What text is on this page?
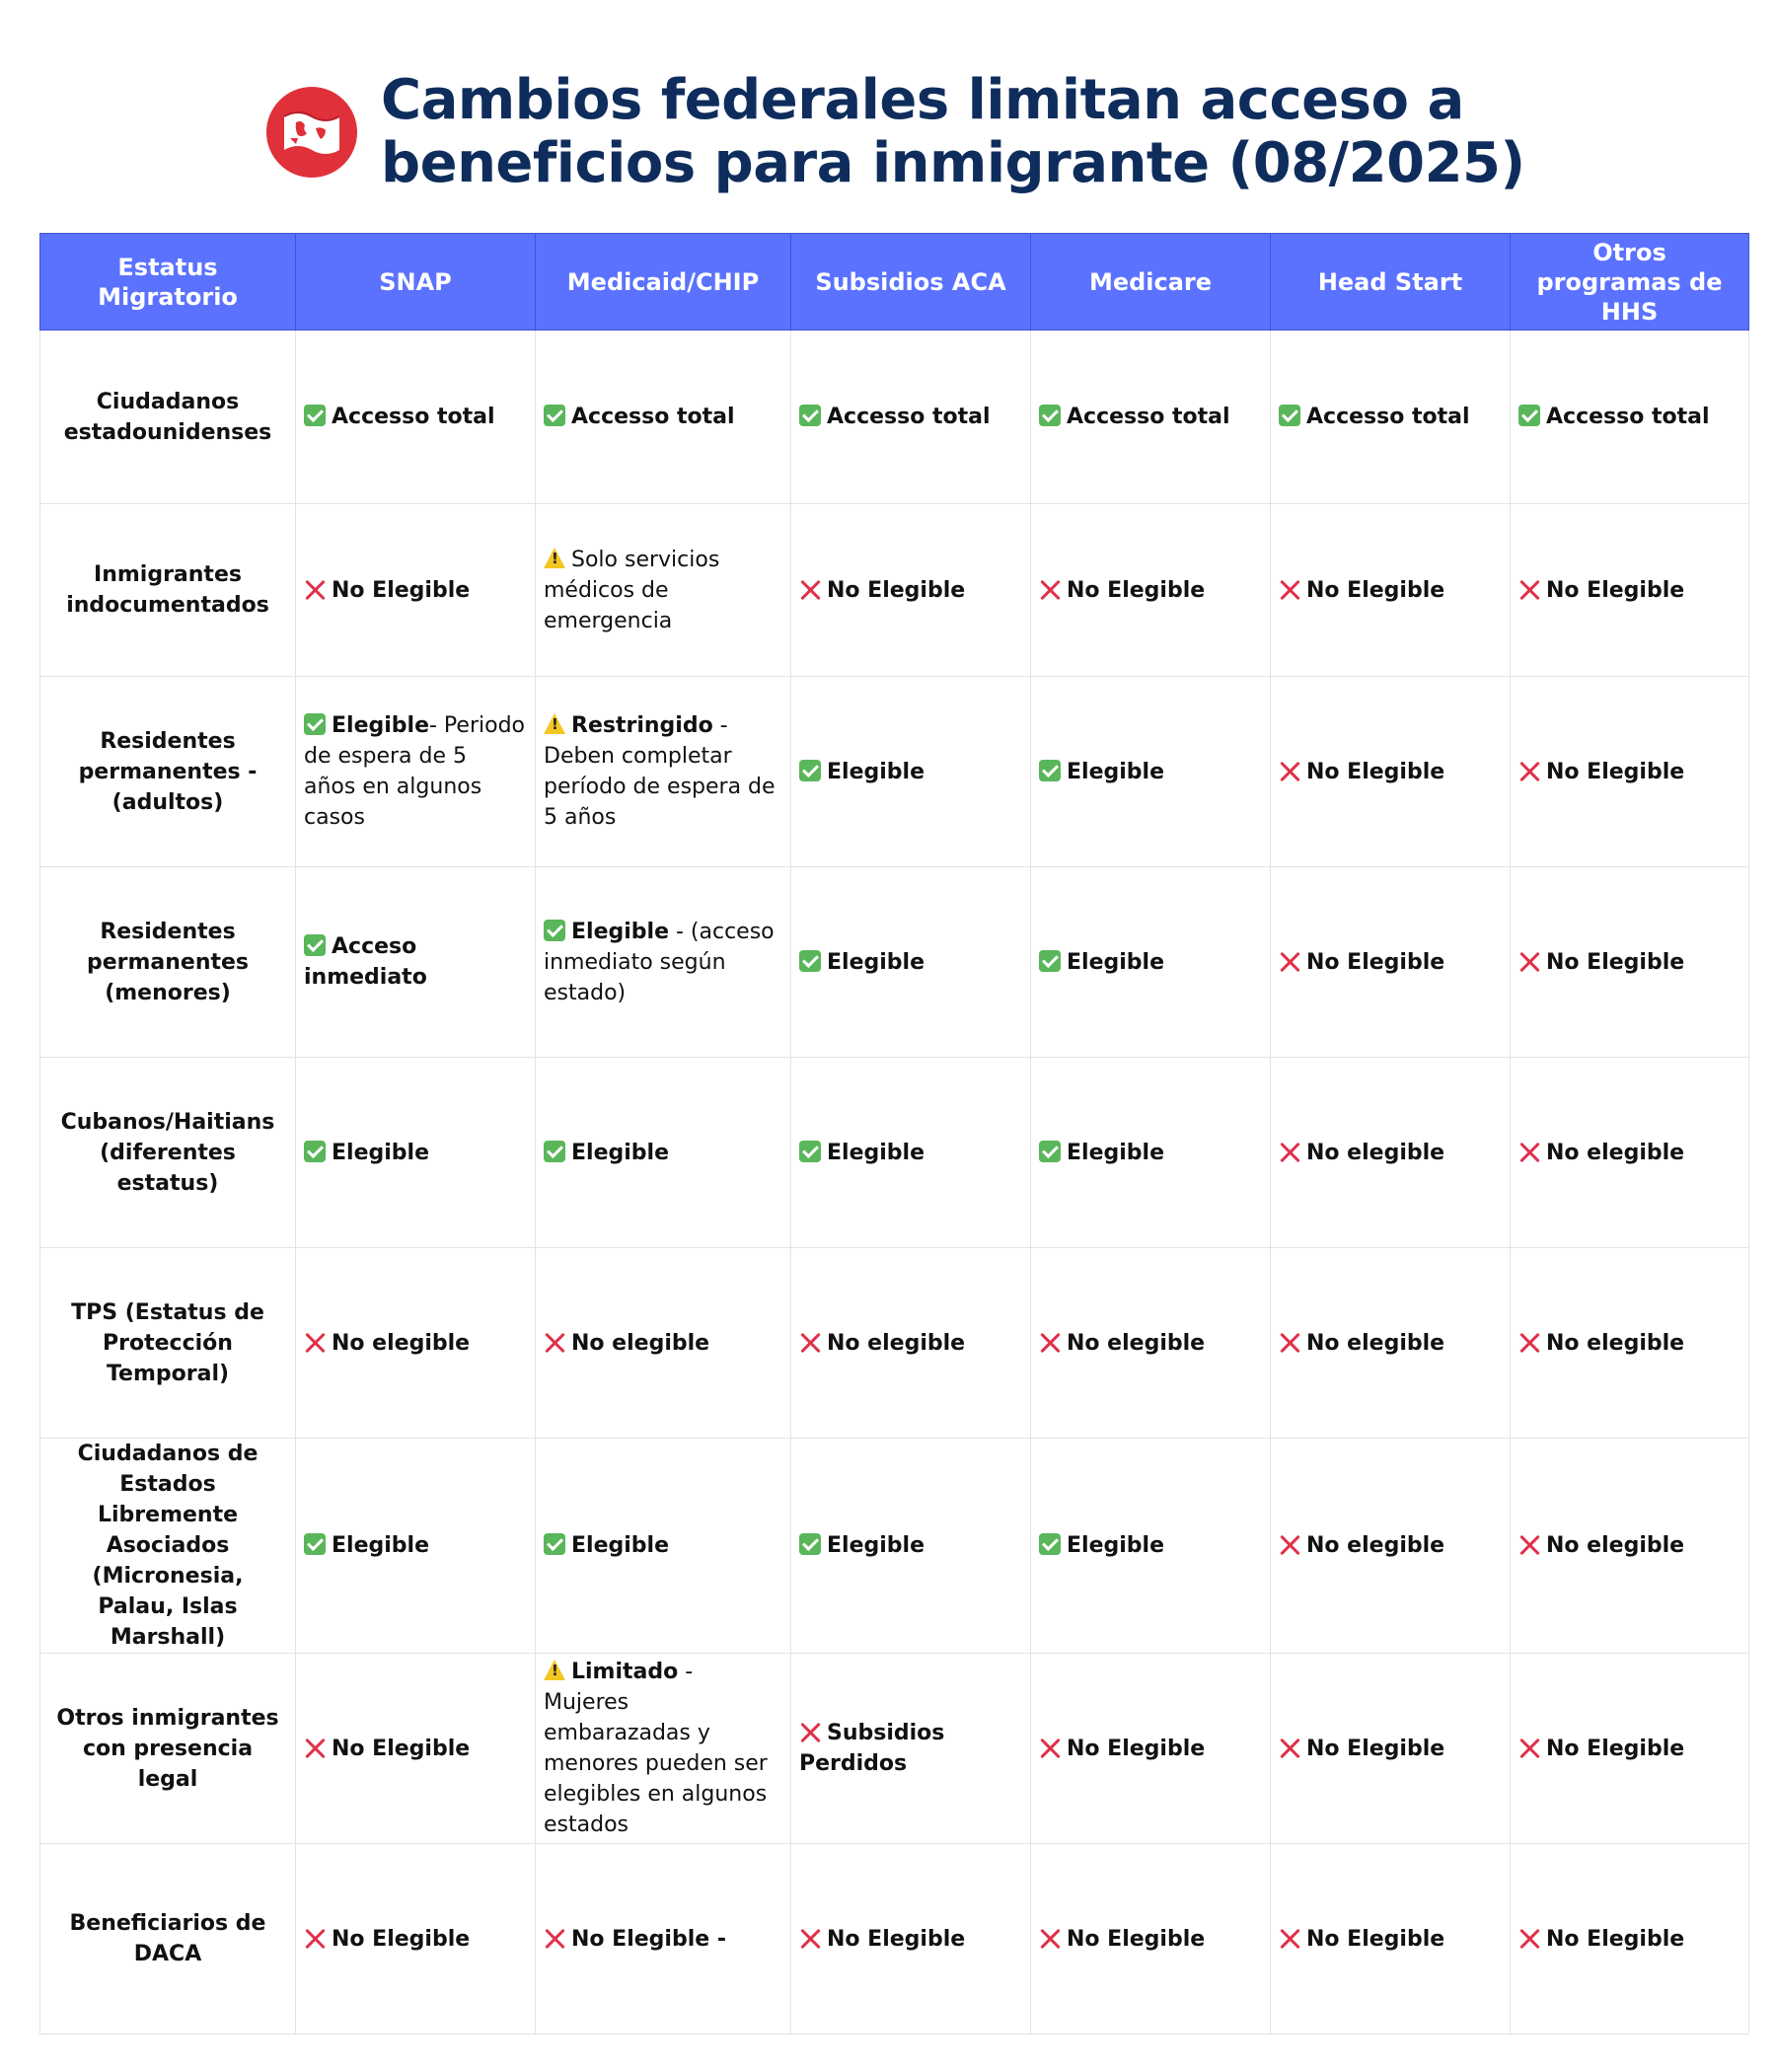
Cambios federales limitan acceso a beneficios para inmigrante (08/2025)
Estatus Migratorio	SNAP	Medicaid/CHIP	Subsidios ACA	Medicare	Head Start	Otros programas de HHS
Ciudadanos estadounidenses	Accesso total	Accesso total	Accesso total	Accesso total	Accesso total	Accesso total
Inmigrantes indocumentados	No Elegible	!Solo servicios médicos de emergencia	No Elegible	No Elegible	No Elegible	No Elegible
Residentes permanentes - (adultos)	Elegible- Periodo de espera de 5 años en algunos casos	!Restringido - Deben completar período de espera de 5 años	Elegible	Elegible	No Elegible	No Elegible
Residentes permanentes (menores)	Acceso inmediato	Elegible - (acceso inmediato según estado)	Elegible	Elegible	No Elegible	No Elegible
Cubanos/Haitians (diferentes estatus)	Elegible	Elegible	Elegible	Elegible	No elegible	No elegible
TPS (Estatus de Protección Temporal)	No elegible	No elegible	No elegible	No elegible	No elegible	No elegible
Ciudadanos de Estados Libremente Asociados (Micronesia, Palau, Islas Marshall)	Elegible	Elegible	Elegible	Elegible	No elegible	No elegible
Otros inmigrantes con presencia legal	No Elegible	!Limitado - Mujeres embarazadas y menores pueden ser elegibles en algunos estados	Subsidios Perdidos	No Elegible	No Elegible	No Elegible
Beneficiarios de DACA	No Elegible	No Elegible -	No Elegible	No Elegible	No Elegible	No Elegible
